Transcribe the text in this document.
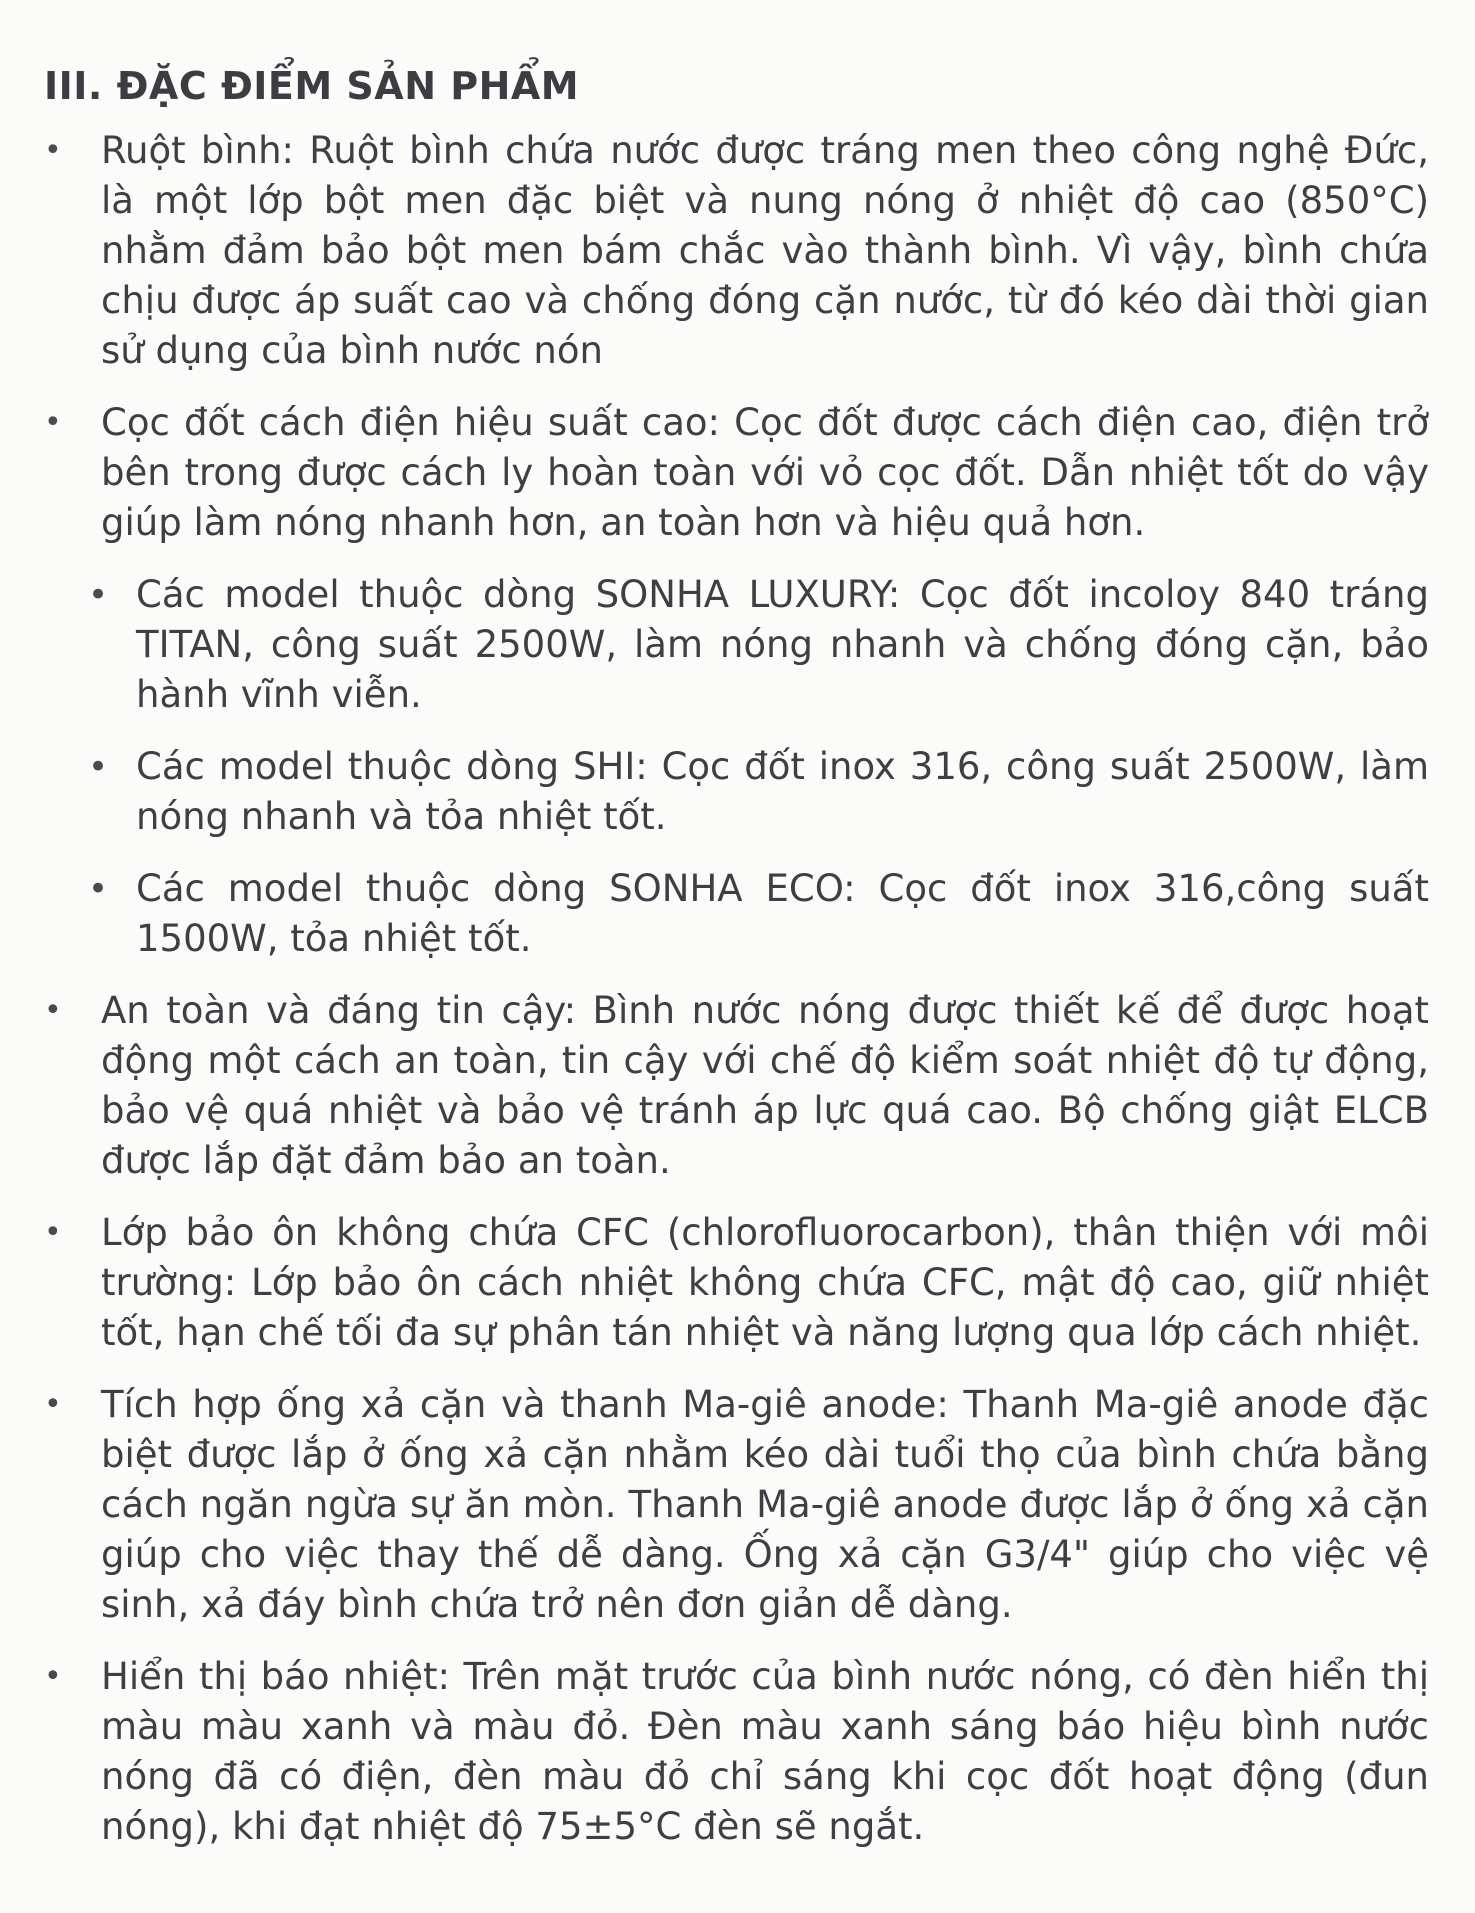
III. ĐẶC ĐIỂM SẢN PHẨM
• Ruột bình: Ruột bình chứa nước được tráng men theo công nghệ Đức, là một lớp bột men đặc biệt và nung nóng ở nhiệt độ cao (850°C) nhằm đảm bảo bột men bám chắc vào thành bình. Vì vậy, bình chứa chịu được áp suất cao và chống đóng cặn nước, từ đó kéo dài thời gian sử dụng của bình nước nón
• Cọc đốt cách điện hiệu suất cao: Cọc đốt được cách điện cao, điện trở bên trong được cách ly hoàn toàn với vỏ cọc đốt. Dẫn nhiệt tốt do vậy giúp làm nóng nhanh hơn, an toàn hơn và hiệu quả hơn.
• Các model thuộc dòng SONHA LUXURY: Cọc đốt incoloy 840 tráng TITAN, công suất 2500W, làm nóng nhanh và chống đóng cặn, bảo hành vĩnh viễn.
• Các model thuộc dòng SHI: Cọc đốt inox 316, công suất 2500W, làm nóng nhanh và tỏa nhiệt tốt.
• Các model thuộc dòng SONHA ECO: Cọc đốt inox 316,công suất 1500W, tỏa nhiệt tốt.
• An toàn và đáng tin cậy: Bình nước nóng được thiết kế để được hoạt động một cách an toàn, tin cậy với chế độ kiểm soát nhiệt độ tự động, bảo vệ quá nhiệt và bảo vệ tránh áp lực quá cao. Bộ chống giật ELCB được lắp đặt đảm bảo an toàn.
• Lớp bảo ôn không chứa CFC (chlorofluorocarbon), thân thiện với môi trường: Lớp bảo ôn cách nhiệt không chứa CFC, mật độ cao, giữ nhiệt tốt, hạn chế tối đa sự phân tán nhiệt và năng lượng qua lớp cách nhiệt.
• Tích hợp ống xả cặn và thanh Ma-giê anode: Thanh Ma-giê anode đặc biệt được lắp ở ống xả cặn nhằm kéo dài tuổi thọ của bình chứa bằng cách ngăn ngừa sự ăn mòn. Thanh Ma-giê anode được lắp ở ống xả cặn giúp cho việc thay thế dễ dàng. Ống xả cặn G3/4" giúp cho việc vệ sinh, xả đáy bình chứa trở nên đơn giản dễ dàng.
• Hiển thị báo nhiệt: Trên mặt trước của bình nước nóng, có đèn hiển thị màu màu xanh và màu đỏ. Đèn màu xanh sáng báo hiệu bình nước nóng đã có điện, đèn màu đỏ chỉ sáng khi cọc đốt hoạt động (đun nóng), khi đạt nhiệt độ 75±5°C đèn sẽ ngắt.
